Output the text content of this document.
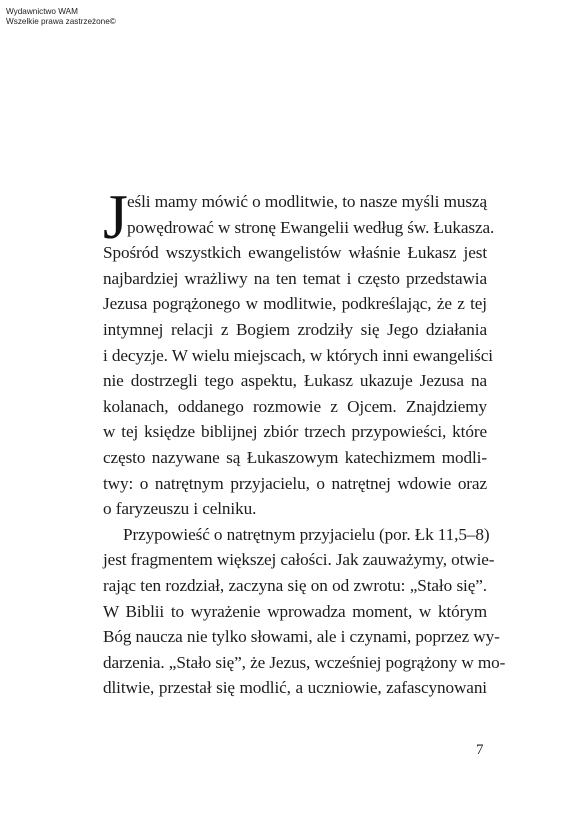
Wydawnictwo WAM
Wszelkie prawa zastrzeżone©
J eśli mamy mówić o modlitwie, to nasze myśli muszą
powędrować w stronę Ewangelii według św. Łukasza.
Spośród wszystkich ewangelistów właśnie Łukasz jest
najbardziej wrażliwy na ten temat i często przedstawia
Jezusa pogrążonego w modlitwie, podkreślając, że z tej
intymnej relacji z Bogiem zrodziły się Jego działania
i decyzje. W wielu miejscach, w których inni ewangeliści
nie dostrzegli tego aspektu, Łukasz ukazuje Jezusa na
kolanach, oddanego rozmowie z Ojcem. Znajdziemy
w tej księdze biblijnej zbiór trzech przypowieści, które
często nazywane są Łukaszowym katechizmem modli-
twy: o natrętnym przyjacielu, o natrętnej wdowie oraz
o faryzeuszu i celniku.
Przypowieść o natrętnym przyjacielu (por. Łk 11,5–8)
jest fragmentem większej całości. Jak zauważymy, otwie-
rając ten rozdział, zaczyna się on od zwrotu: „Stało się”.
W Biblii to wyrażenie wprowadza moment, w którym
Bóg naucza nie tylko słowami, ale i czynami, poprzez wy-
darzenia. „Stało się”, że Jezus, wcześniej pogrążony w mo-
dlitwie, przestał się modlić, a uczniowie, zafascynowani
7
